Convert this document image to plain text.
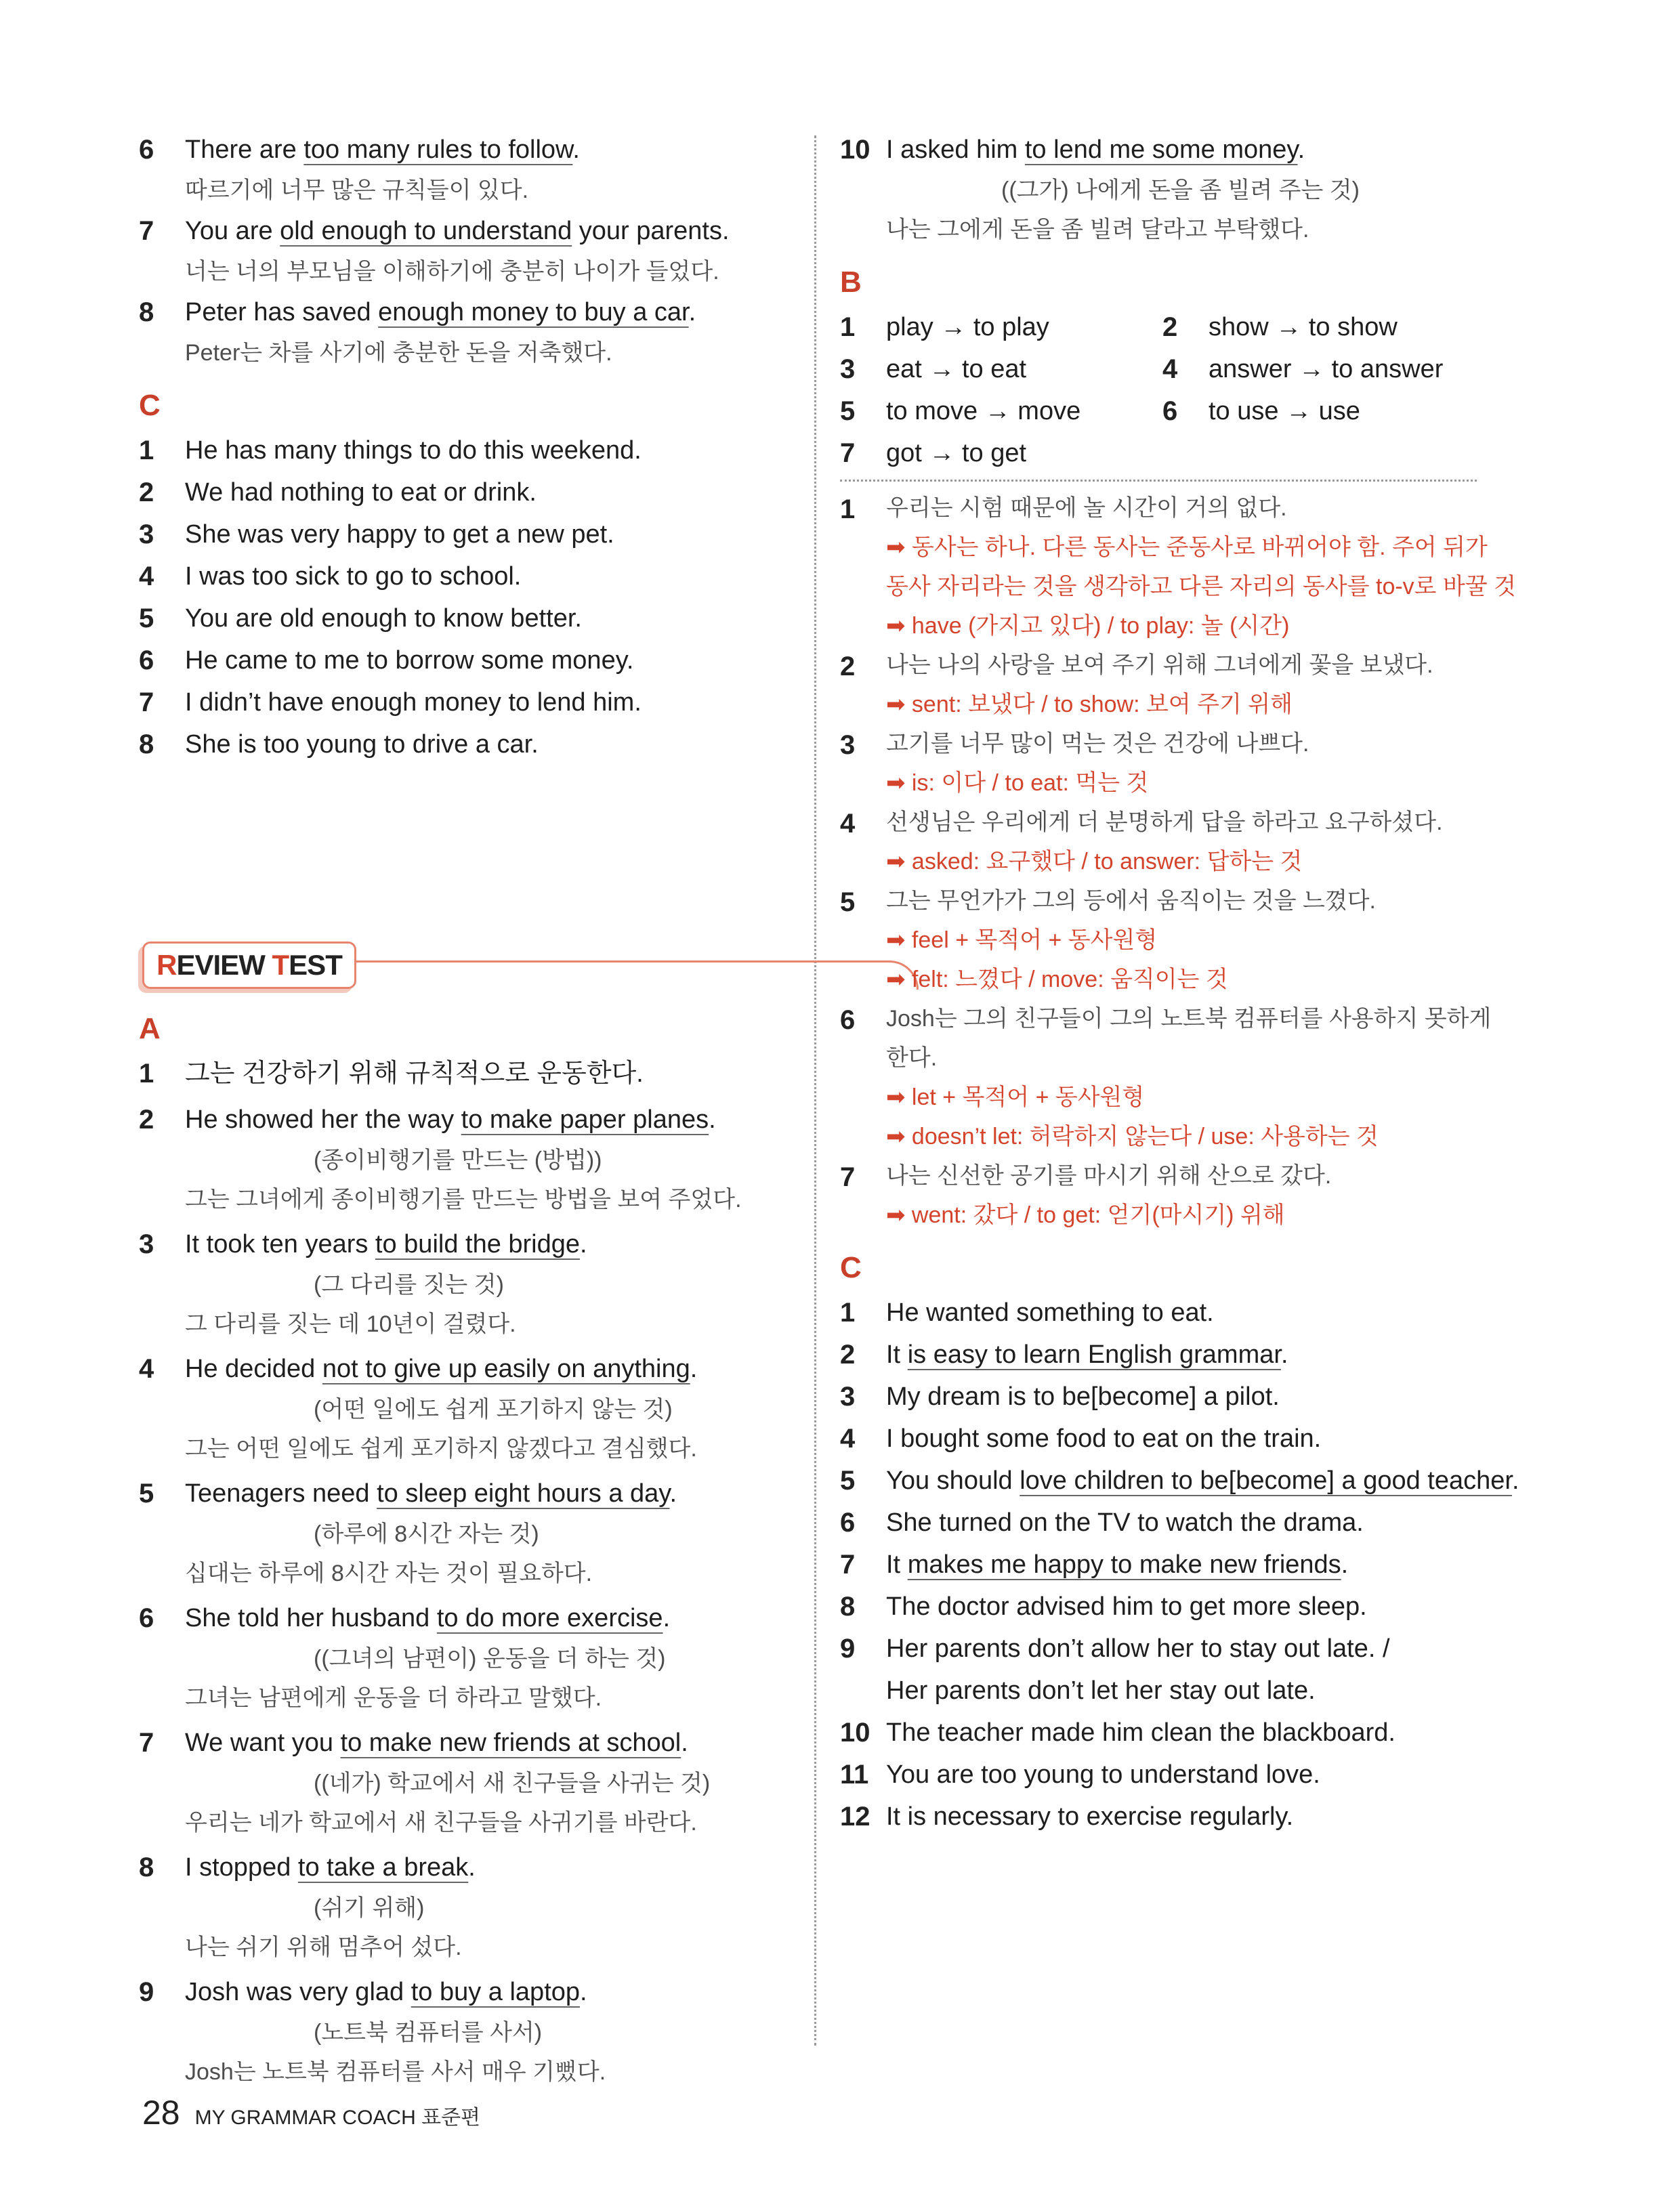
6	There are too many rules to follow.
따르기에 너무 많은 규칙들이 있다.
7	You are old enough to understand your parents.
너는 너의 부모님을 이해하기에 충분히 나이가 들었다.
8	Peter has saved enough money to buy a car.
Peter는 차를 사기에 충분한 돈을 저축했다.
C
1	He has many things to do this weekend.
2	We had nothing to eat or drink.
3	She was very happy to get a new pet.
4	I was too sick to go to school.
5	You are old enough to know better.
6	He came to me to borrow some money.
7	I didn’t have enough money to lend him.
8	She is too young to drive a car.
R EVIEW T EST
A
1	그는 건강하기 위해 규칙적으로 운동한다.
2	He showed her the way to make paper planes.
(종이비행기를 만드는 (방법))
그는 그녀에게 종이비행기를 만드는 방법을 보여 주었다.
3	It took ten years to build the bridge.
(그 다리를 짓는 것)
그 다리를 짓는 데 10년이 걸렸다.
4	He decided not to give up easily on anything.
(어떤 일에도 쉽게 포기하지 않는 것)
그는 어떤 일에도 쉽게 포기하지 않겠다고 결심했다.
5	Teenagers need to sleep eight hours a day.
(하루에 8시간 자는 것)
십대는 하루에 8시간 자는 것이 필요하다.
6	She told her husband to do more exercise.
((그녀의 남편이) 운동을 더 하는 것)
그녀는 남편에게 운동을 더 하라고 말했다.
7	We want you to make new friends at school.
((네가) 학교에서 새 친구들을 사귀는 것)
우리는 네가 학교에서 새 친구들을 사귀기를 바란다.
8	I stopped to take a break.
(쉬기 위해)
나는 쉬기 위해 멈추어 섰다.
9	Josh was very glad to buy a laptop.
(노트북 컴퓨터를 사서)
Josh는 노트북 컴퓨터를 사서 매우 기뻤다.
10 I asked him to lend me some money.
((그가) 나에게 돈을 좀 빌려 주는 것)
나는 그에게 돈을 좀 빌려 달라고 부탁했다.
B
1	play → to play	2	show → to show
3	eat → to eat	4	answer → to answer
5	to move → move	6	to use → use
7	got → to get
1	우리는 시험 때문에 놀 시간이 거의 없다.
➡ 동사는 하나. 다른 동사는 준동사로 바뀌어야 함. 주어 뒤가
동사 자리라는 것을 생각하고 다른 자리의 동사를 to-v로 바꿀 것
➡ have (가지고 있다) / to play: 놀 (시간)
2	나는 나의 사랑을 보여 주기 위해 그녀에게 꽃을 보냈다.
➡ sent: 보냈다 / to show: 보여 주기 위해
3	고기를 너무 많이 먹는 것은 건강에 나쁘다.
➡ is: 이다 / to eat: 먹는 것
4	선생님은 우리에게 더 분명하게 답을 하라고 요구하셨다.
➡ asked: 요구했다 / to answer: 답하는 것
5	그는 무언가가 그의 등에서 움직이는 것을 느꼈다.
➡ feel + 목적어 + 동사원형
➡ felt: 느꼈다 / move: 움직이는 것
6	Josh는 그의 친구들이 그의 노트북 컴퓨터를 사용하지 못하게
한다.
➡ let + 목적어 + 동사원형
➡ doesn’t let: 허락하지 않는다 / use: 사용하는 것
7	나는 신선한 공기를 마시기 위해 산으로 갔다.
➡ went: 갔다 / to get: 얻기(마시기) 위해
C
1	He wanted something to eat.
2	It is easy to learn English grammar.
3	My dream is to be[become] a pilot.
4	I bought some food to eat on the train.
5	You should love children to be[become] a good teacher.
6	She turned on the TV to watch the drama.
7	It makes me happy to make new friends.
8	The doctor advised him to get more sleep.
9	Her parents don’t allow her to stay out late. /
Her parents don’t let her stay out late.
10 The teacher made him clean the blackboard.
11 You are too young to understand love.
12 It is necessary to exercise regularly.
28 MY GRAMMAR COACH 표준편
